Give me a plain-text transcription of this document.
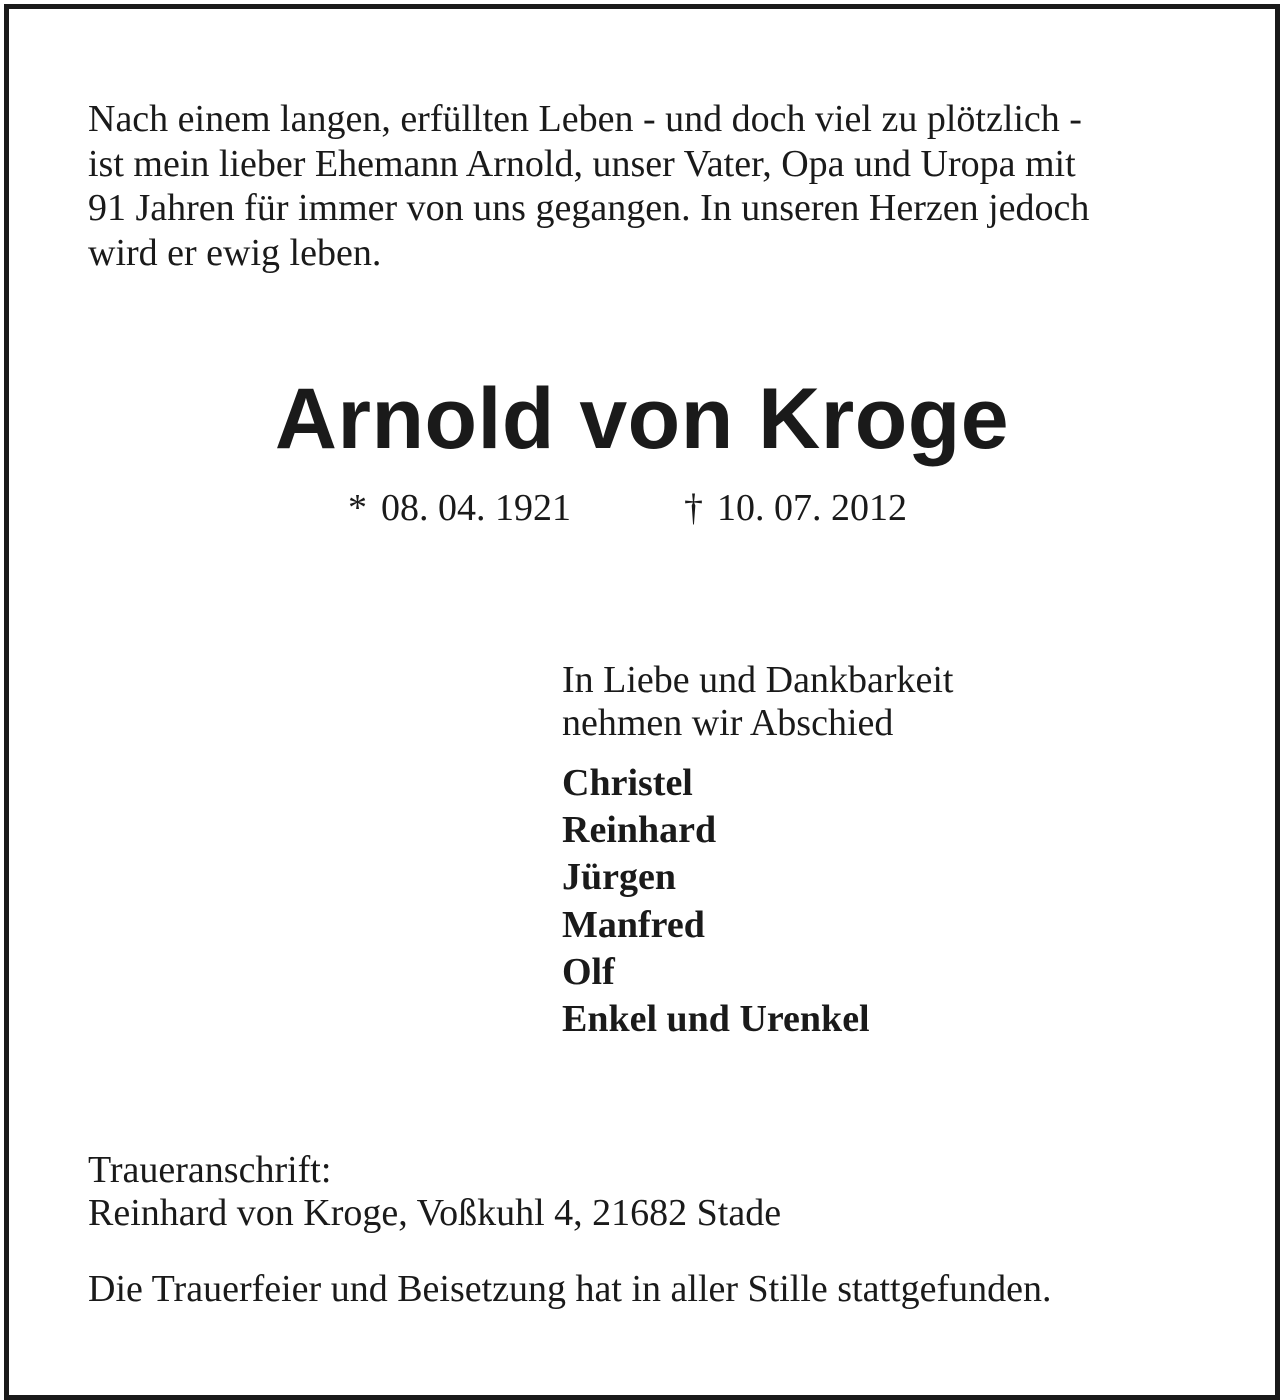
Nach einem langen, erfüllten Leben - und doch viel zu plötzlich -
ist mein lieber Ehemann Arnold, unser Vater, Opa und Uropa mit
91 Jahren für immer von uns gegangen. In unseren Herzen jedoch
wird er ewig leben.

Arnold von Kroge
* 08. 04. 1921	† 10. 07. 2012
In Liebe und Dankbarkeit
nehmen wir Abschied
Christel
Reinhard
Jürgen
Manfred
Olf
Enkel und Urenkel
Traueranschrift:
Reinhard von Kroge, Voßkuhl 4, 21682 Stade

Die Trauerfeier und Beisetzung hat in aller Stille stattgefunden.
